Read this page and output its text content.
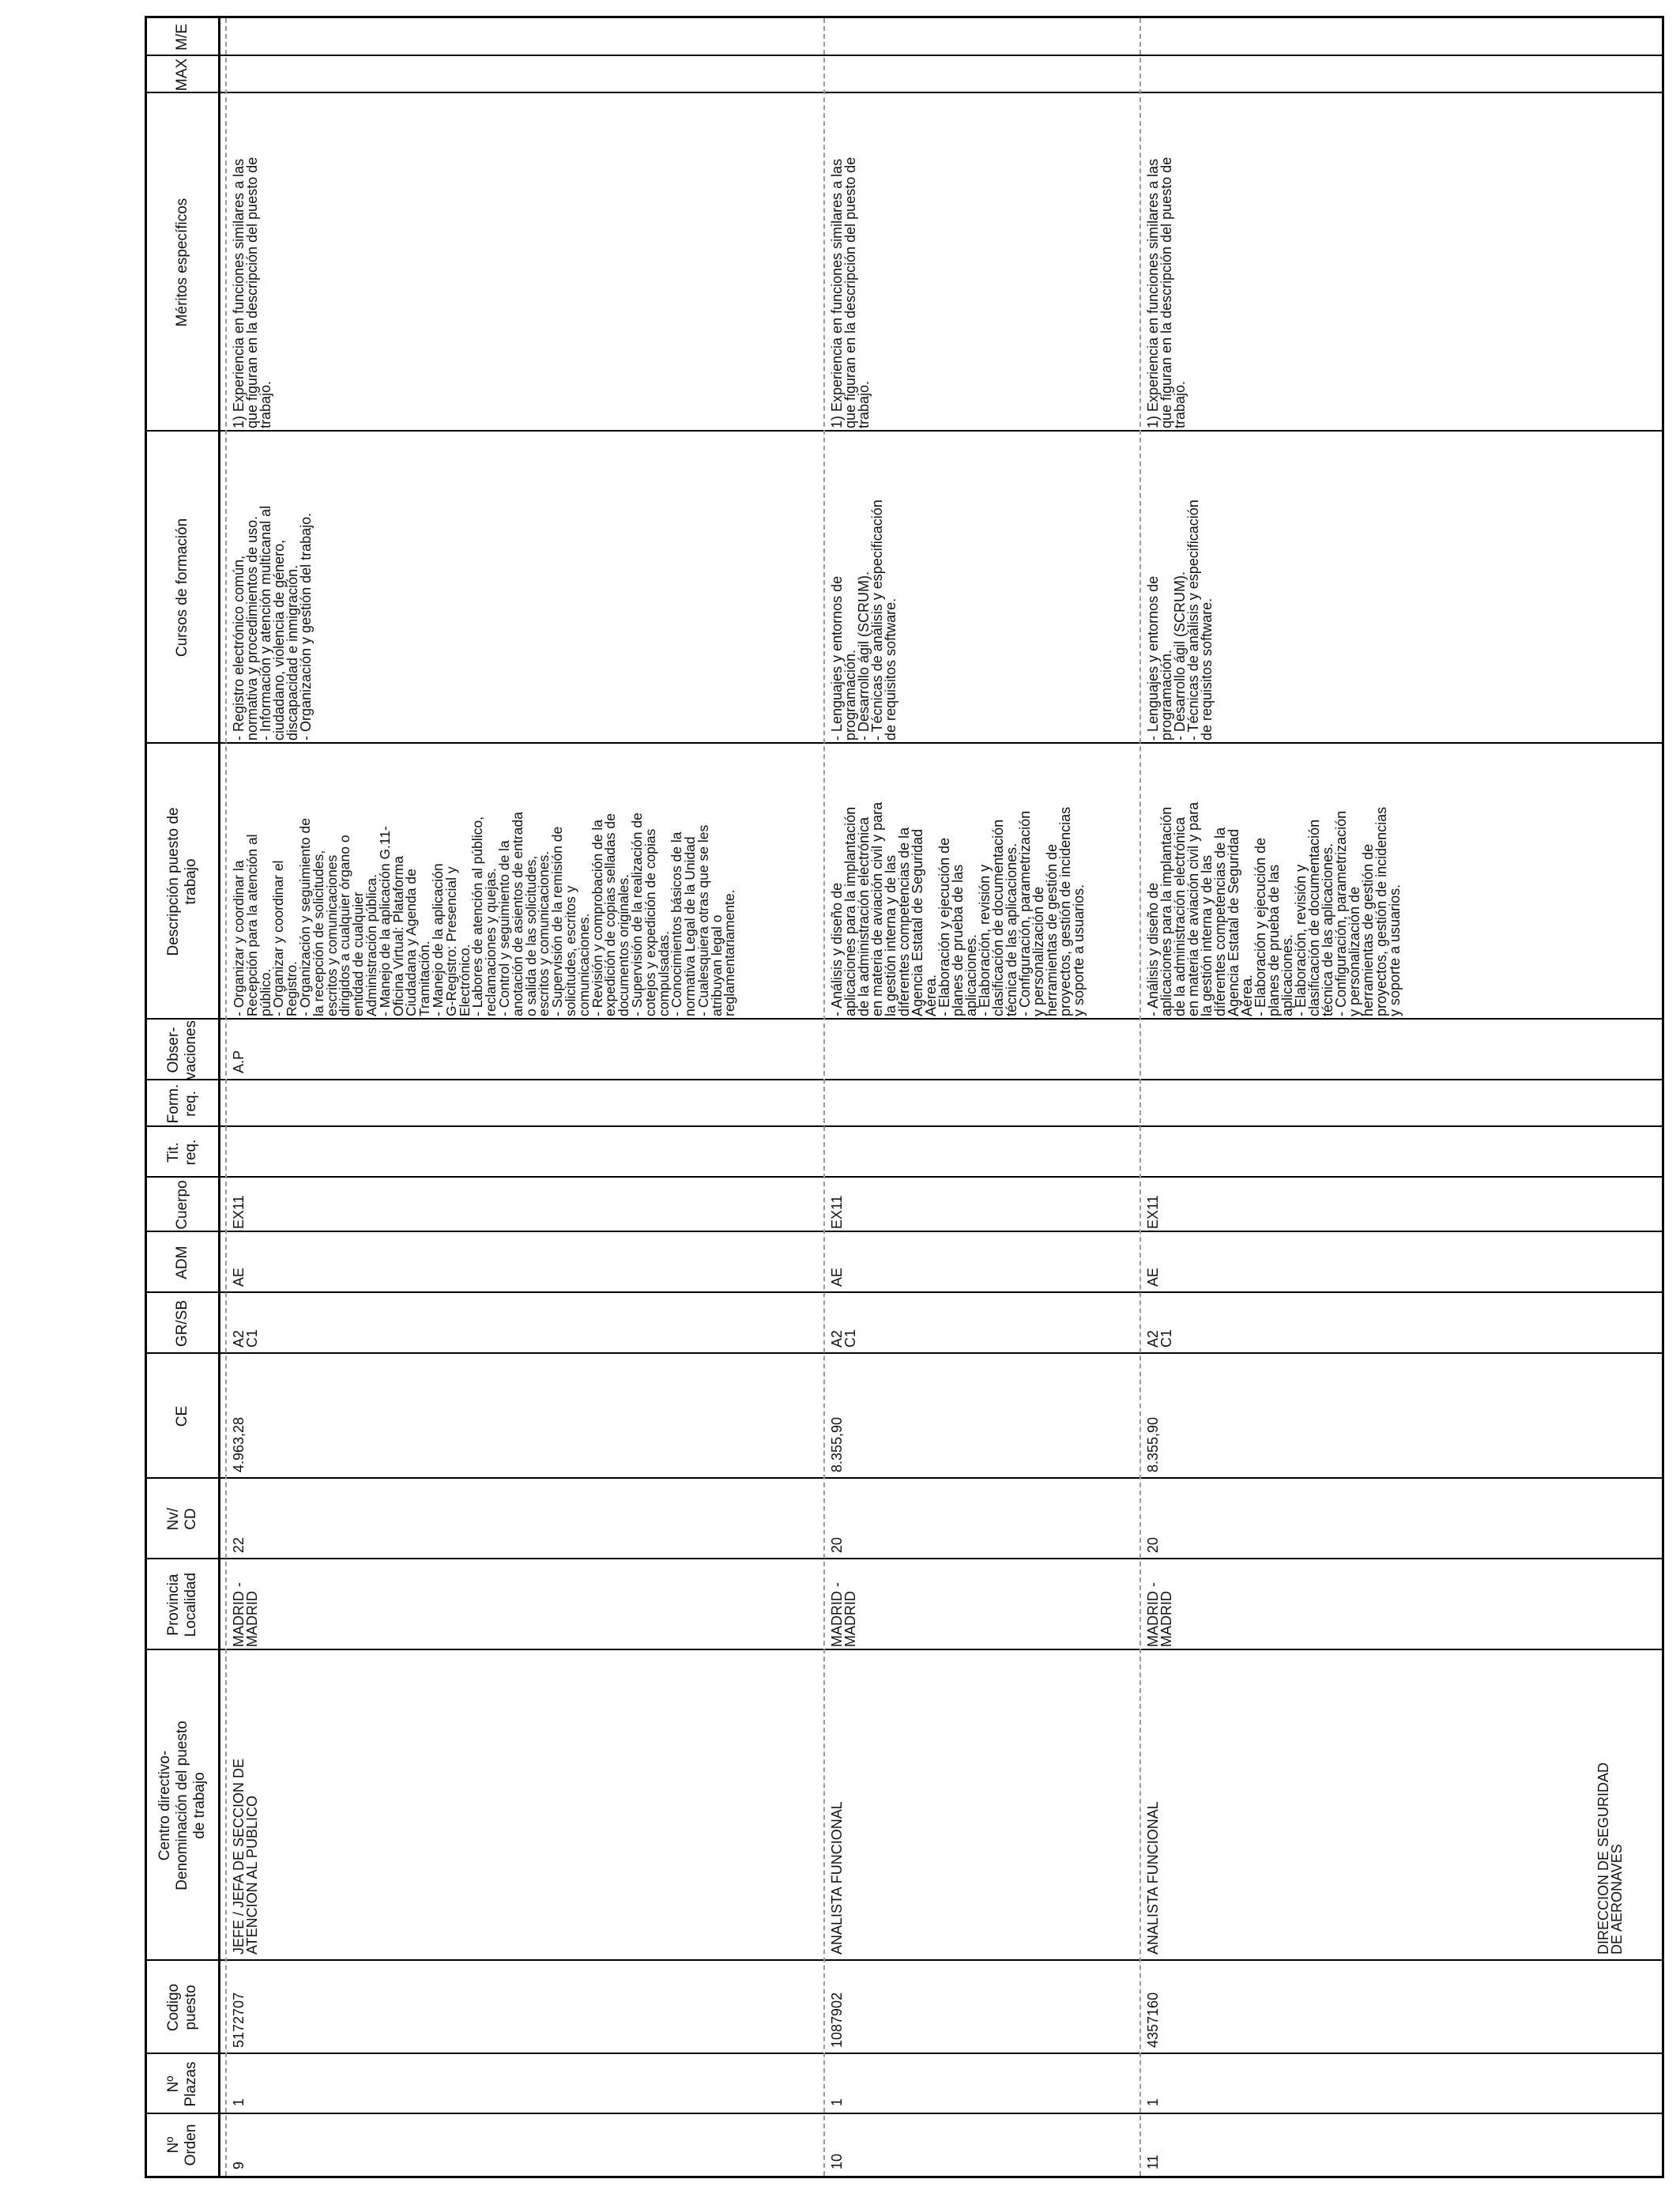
Nº
Orden
Nº
Plazas
Codigo
puesto
Centro directivo-
Denominación del puesto
de trabajo
Provincia
Localidad
Nv/
CD
CE
GR/SB
ADM
Cuerpo
Tit.
req.
Form.
req.
Obser-
vaciones
Descripción puesto de
trabajo
Cursos de formación
Méritos específicos
MAX
M/E
9
1
5172707
JEFE / JEFA DE SECCION DE
ATENCION AL PUBLICO
MADRID -
MADRID
22
4.963,28
A2
C1
AE
EX11
A.P
- Organizar y coordinar la
Recepción para la atención al
público.
- Organizar y coordinar el
Registro.
- Organización y seguimiento de
la recepción de solicitudes,
escritos y comunicaciones
dirigidos a cualquier órgano o
entidad de cualquier
Administración pública.
- Manejo de la aplicación G.11-
Oficina Virtual: Plataforma
Ciudadana y Agenda de
Tramitación.
- Manejo de la aplicación
G-Registro: Presencial y
Electrónico.
- Labores de atención al público,
reclamaciones y quejas.
- Control y seguimiento de la
anotación de asientos de entrada
o salida de las solicitudes,
escritos y comunicaciones.
- Supervisión de la remisión de
solicitudes, escritos y
comunicaciones.
- Revisión y comprobación de la
expedición de copias selladas de
documentos originales.
- Supervisión de la realización de
cotejos y expedición de copias
compulsadas.
- Conocimientos básicos de la
normativa Legal de la Unidad
- Cualesquiera otras que se les
atribuyan legal o
reglamentariamente.
- Registro electrónico común,
normativa y procedimientos de uso.
- Información y atención multicanal al
ciudadano, violencia de género,
discapacidad e inmigración.
- Organización y gestión del trabajo.
1) Experiencia en funciones similares a las
que figuran en la descripción del puesto de
trabajo.
10
1
1087902
ANALISTA FUNCIONAL
MADRID -
MADRID
20
8.355,90
A2
C1
AE
EX11
- Análisis y diseño de
aplicaciones para la implantación
de la administración electrónica
en materia de aviación civil y para
la gestión interna y de las
diferentes competencias de la
Agencia Estatal de Seguridad
Aérea.
- Elaboración y ejecución de
planes de prueba de las
aplicaciones.
- Elaboración, revisión y
clasificación de documentación
técnica de las aplicaciones.
- Configuración, parametrización
y personalización de
herramientas de gestión de
proyectos, gestión de incidencias
y soporte a usuarios.
- Lenguajes y entornos de
programación.
- Desarrollo ágil (SCRUM).
- Técnicas de análisis y especificación
de requisitos software.
1) Experiencia en funciones similares a las
que figuran en la descripción del puesto de
trabajo.
11
1
4357160
ANALISTA FUNCIONAL
MADRID -
MADRID
20
8.355,90
A2
C1
AE
EX11
- Análisis y diseño de
aplicaciones para la implantación
de la administración electrónica
en materia de aviación civil y para
la gestión interna y de las
diferentes competencias de la
Agencia Estatal de Seguridad
Aérea.
- Elaboración y ejecución de
planes de prueba de las
aplicaciones.
- Elaboración, revisión y
clasificación de documentación
técnica de las aplicaciones.
- Configuración, parametrización
y personalización de
herramientas de gestión de
proyectos, gestión de incidencias
y soporte a usuarios.
- Lenguajes y entornos de
programación.
- Desarrollo ágil (SCRUM).
- Técnicas de análisis y especificación
de requisitos software.
1) Experiencia en funciones similares a las
que figuran en la descripción del puesto de
trabajo.
DIRECCION DE SEGURIDAD
DE AERONAVES
